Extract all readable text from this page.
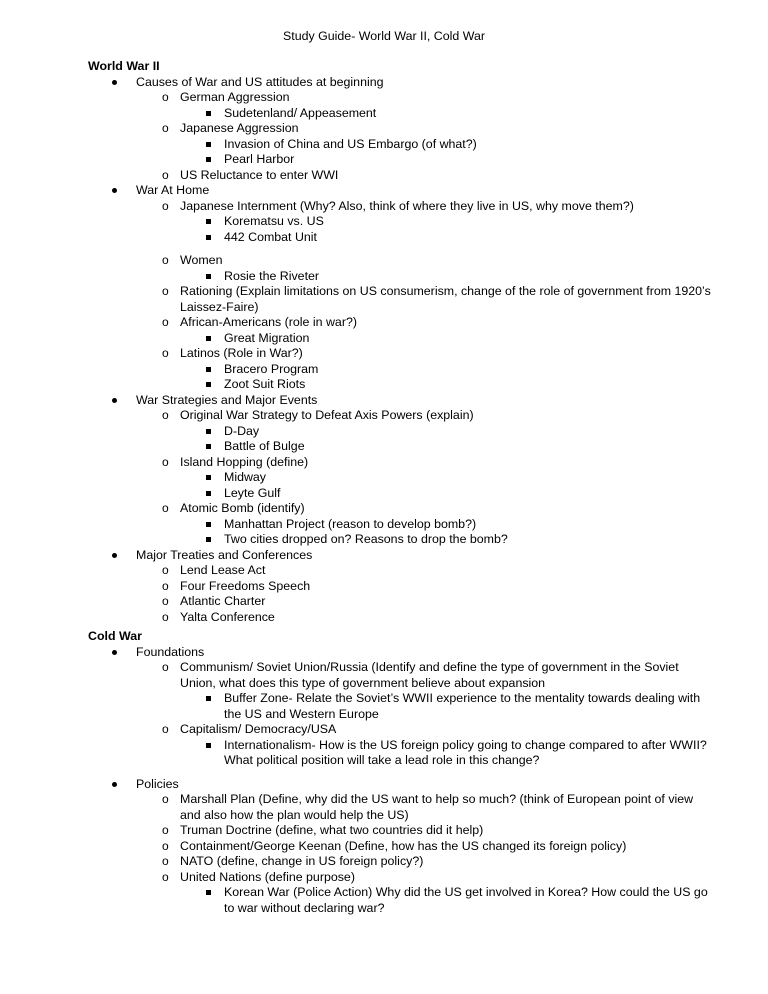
Study Guide- World War II, Cold War
World War II
Causes of War and US attitudes at beginning
o German Aggression
Sudetenland/ Appeasement
o Japanese Aggression
Invasion of China and US Embargo (of what?)
Pearl Harbor
o US Reluctance to enter WWI
War At Home
o Japanese Internment (Why? Also, think of where they live in US, why move them?)
Korematsu vs. US
442 Combat Unit
o Women
Rosie the Riveter
o Rationing (Explain limitations on US consumerism, change of the role of government from 1920’s
Laissez-Faire)
o African-Americans (role in war?)
Great Migration
o Latinos (Role in War?)
Bracero Program
Zoot Suit Riots
War Strategies and Major Events
o Original War Strategy to Defeat Axis Powers (explain)
D-Day
Battle of Bulge
o Island Hopping (define)
Midway
Leyte Gulf
o Atomic Bomb (identify)
Manhattan Project (reason to develop bomb?)
Two cities dropped on? Reasons to drop the bomb?
Major Treaties and Conferences
o Lend Lease Act
o Four Freedoms Speech
o Atlantic Charter
o Yalta Conference
Cold War
Foundations
o Communism/ Soviet Union/Russia (Identify and define the type of government in the Soviet
Union, what does this type of government believe about expansion
Buffer Zone- Relate the Soviet’s WWII experience to the mentality towards dealing with
the US and Western Europe
o Capitalism/ Democracy/USA
Internationalism- How is the US foreign policy going to change compared to after WWII?
What political position will take a lead role in this change?
Policies
o Marshall Plan (Define, why did the US want to help so much? (think of European point of view
and also how the plan would help the US)
o Truman Doctrine (define, what two countries did it help)
o Containment/George Keenan (Define, how has the US changed its foreign policy)
o NATO (define, change in US foreign policy?)
o United Nations (define purpose)
Korean War (Police Action) Why did the US get involved in Korea? How could the US go
to war without declaring war?
